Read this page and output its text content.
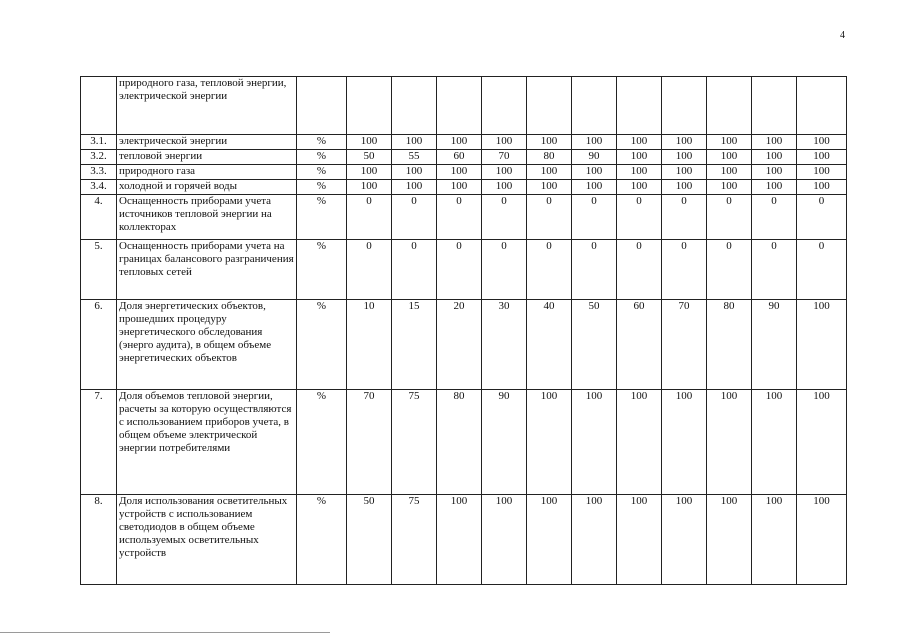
4
	природного газа, тепловой энергии, электрической энергии												
3.1.	электрической энергии	%	100	100	100	100	100	100	100	100	100	100	100
3.2.	тепловой энергии	%	50	55	60	70	80	90	100	100	100	100	100
3.3.	природного газа	%	100	100	100	100	100	100	100	100	100	100	100
3.4.	холодной и горячей воды	%	100	100	100	100	100	100	100	100	100	100	100
4.	Оснащенность приборами учета источников тепловой энергии на коллекторах	%	0	0	0	0	0	0	0	0	0	0	0
5.	Оснащенность приборами учета на границах балансового разграничения тепловых сетей	%	0	0	0	0	0	0	0	0	0	0	0
6.	Доля энергетических объектов, прошедших процедуру энергетического обследования (энерго аудита), в общем объеме энергетических объектов	%	10	15	20	30	40	50	60	70	80	90	100
7.	Доля объемов тепловой энергии, расчеты за которую осуществляются с использованием приборов учета, в общем объеме электрической энергии потребителями	%	70	75	80	90	100	100	100	100	100	100	100
8.	Доля использования осветительных устройств с использованием светодиодов в общем объеме используемых осветительных устройств	%	50	75	100	100	100	100	100	100	100	100	100
